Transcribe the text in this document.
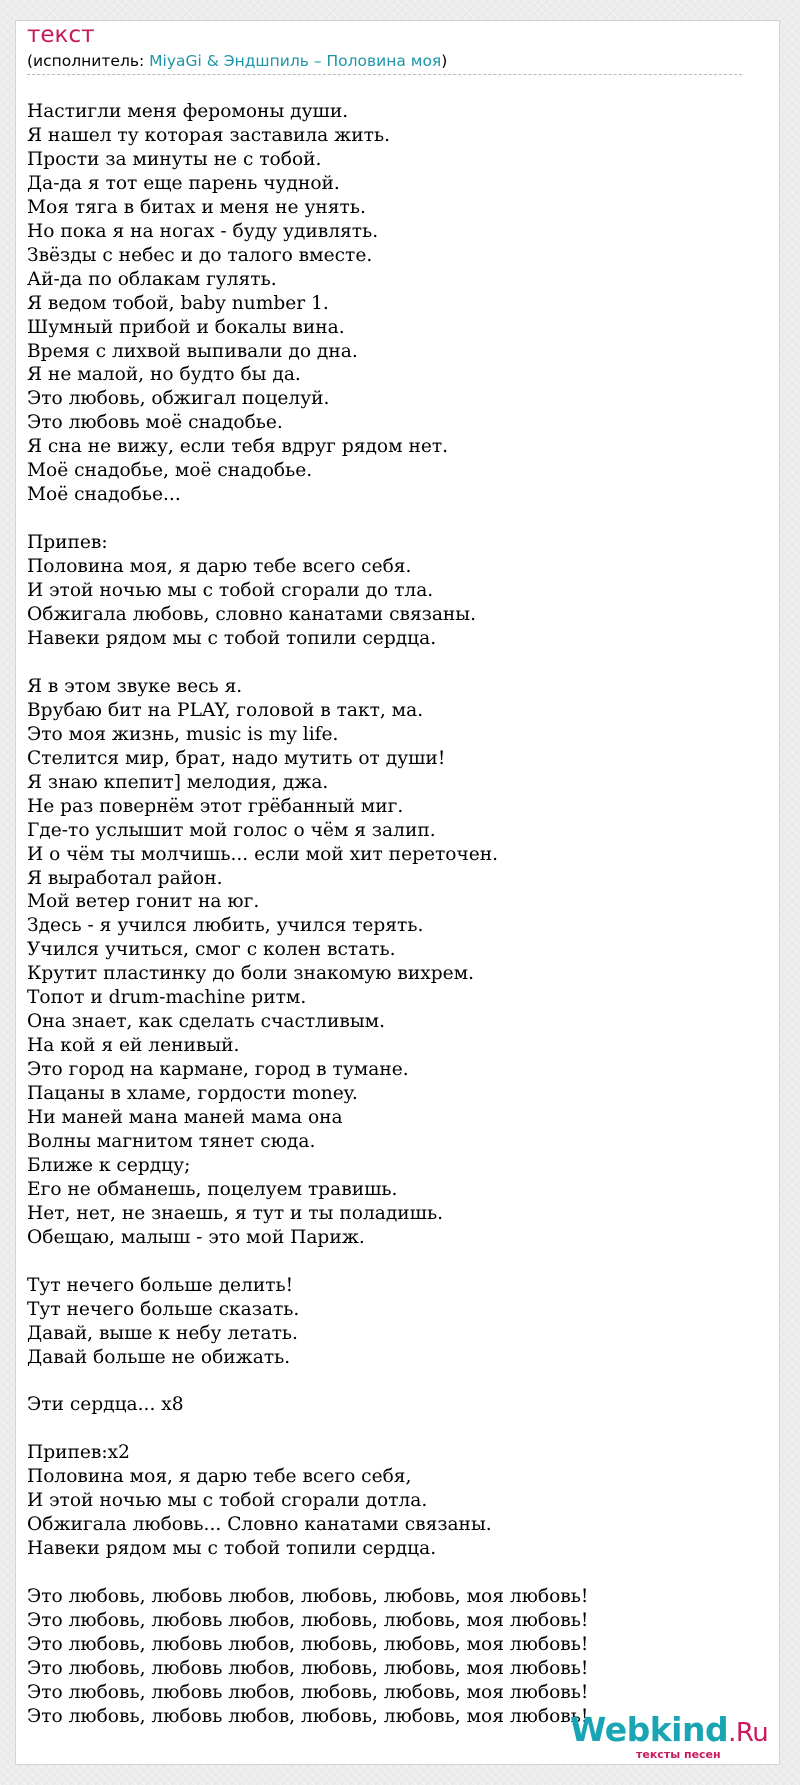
текст
(исполнитель: MiyaGi & Эндшпиль – Половина моя)
Настигли меня феромоны души.
Я нашел ту которая заставила жить.
Прости за минуты не с тобой.
Да-да я тот еще парень чудной.
Моя тяга в битах и меня не унять.
Но пока я на ногах - буду удивлять.
Звёзды с небес и до талого вместе.
Ай-да по облакам гулять.
Я ведом тобой, baby number 1.
Шумный прибой и бокалы вина.
Время с лихвой выпивали до дна.
Я не малой, но будто бы да.
Это любовь, обжигал поцелуй.
Это любовь моё снадобье.
Я сна не вижу, если тебя вдруг рядом нет.
Моё снадобье, моё снадобье.
Моё снадобье...

Припев:
Половина моя, я дарю тебе всего себя.
И этой ночью мы с тобой сгорали до тла.
Обжигала любовь, словно канатами связаны.
Навеки рядом мы с тобой топили сердца.

Я в этом звуке весь я.
Врубаю бит на PLAY, головой в такт, ма.
Это моя жизнь, music is my life.
Стелится мир, брат, надо мутить от души!
Я знаю кпепит] мелодия, джа.
Не раз повернём этот грёбанный миг.
Где-то услышит мой голос о чём я залип.
И о чём ты молчишь... если мой хит переточен.
Я выработал район.
Мой ветер гонит на юг.
Здесь - я учился любить, учился терять.
Учился учиться, смог с колен встать.
Крутит пластинку до боли знакомую вихрем.
Топот и drum-machine ритм.
Она знает, как сделать счастливым.
На кой я ей ленивый.
Это город на кармане, город в тумане.
Пацаны в хламе, гордости money.
Ни маней мана маней мама она
Волны магнитом тянет сюда.
Ближе к сердцу;
Его не обманешь, поцелуем травишь.
Нет, нет, не знаешь, я тут и ты поладишь.
Обещаю, малыш - это мой Париж.

Тут нечего больше делить!
Тут нечего больше сказать.
Давай, выше к небу летать.
Давай больше не обижать.

Эти сердца... x8

Припев:x2
Половина моя, я дарю тебе всего себя,
И этой ночью мы с тобой сгорали дотла.
Обжигала любовь... Словно канатами связаны.
Навеки рядом мы с тобой топили сердца.

Это любовь, любовь любов, любовь, любовь, моя любовь!
Это любовь, любовь любов, любовь, любовь, моя любовь!
Это любовь, любовь любов, любовь, любовь, моя любовь!
Это любовь, любовь любов, любовь, любовь, моя любовь!
Это любовь, любовь любов, любовь, любовь, моя любовь!
Это любовь, любовь любов, любовь, любовь, моя любовь!
Webkind.Ru
тексты песен
